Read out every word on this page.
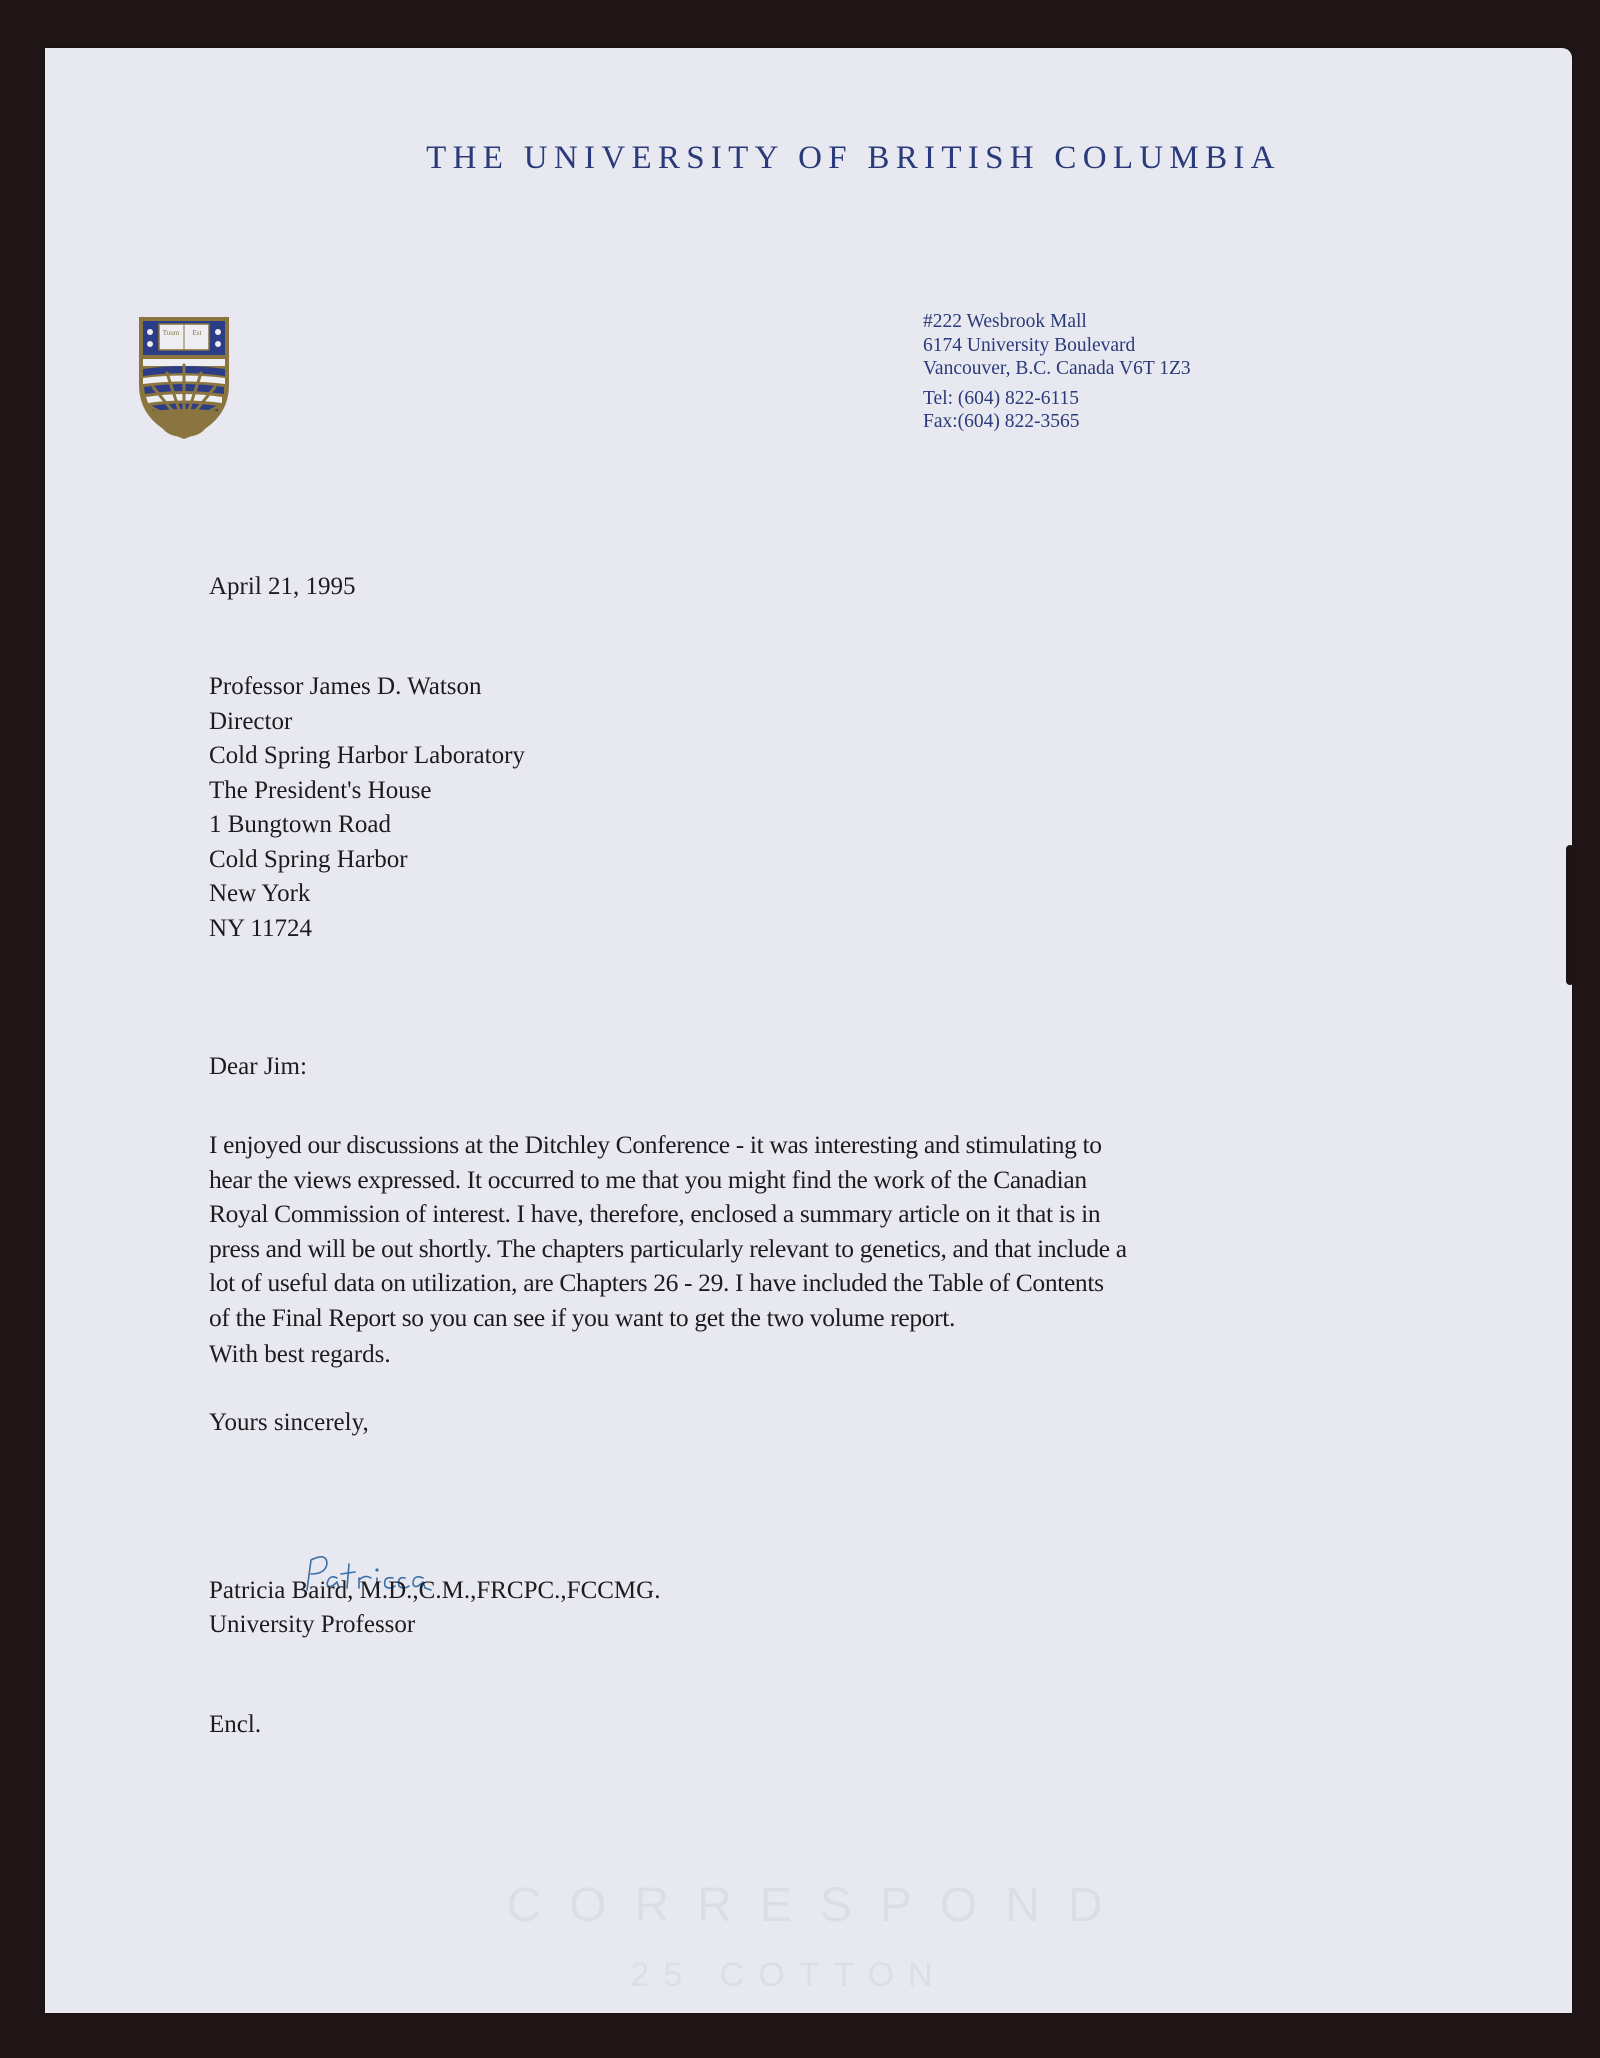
THE UNIVERSITY OF BRITISH COLUMBIA
Tuum Est
#222 Wesbrook Mall
6174 University Boulevard
Vancouver, B.C. Canada V6T 1Z3
Tel: (604) 822-6115
Fax:(604) 822-3565
April 21, 1995
Professor James D. Watson
Director
Cold Spring Harbor Laboratory
The President's House
1 Bungtown Road
Cold Spring Harbor
New York
NY 11724
Dear Jim:
I enjoyed our discussions at the Ditchley Conference - it was interesting and stimulating to
hear the views expressed. It occurred to me that you might find the work of the Canadian
Royal Commission of interest. I have, therefore, enclosed a summary article on it that is in
press and will be out shortly. The chapters particularly relevant to genetics, and that include a
lot of useful data on utilization, are Chapters 26 - 29. I have included the Table of Contents
of the Final Report so you can see if you want to get the two volume report.
With best regards.
Yours sincerely,
Patricia Baird, M.D.,C.M.,FRCPC.,FCCMG.
University Professor
Encl.
CORRESPOND
25 COTTON
